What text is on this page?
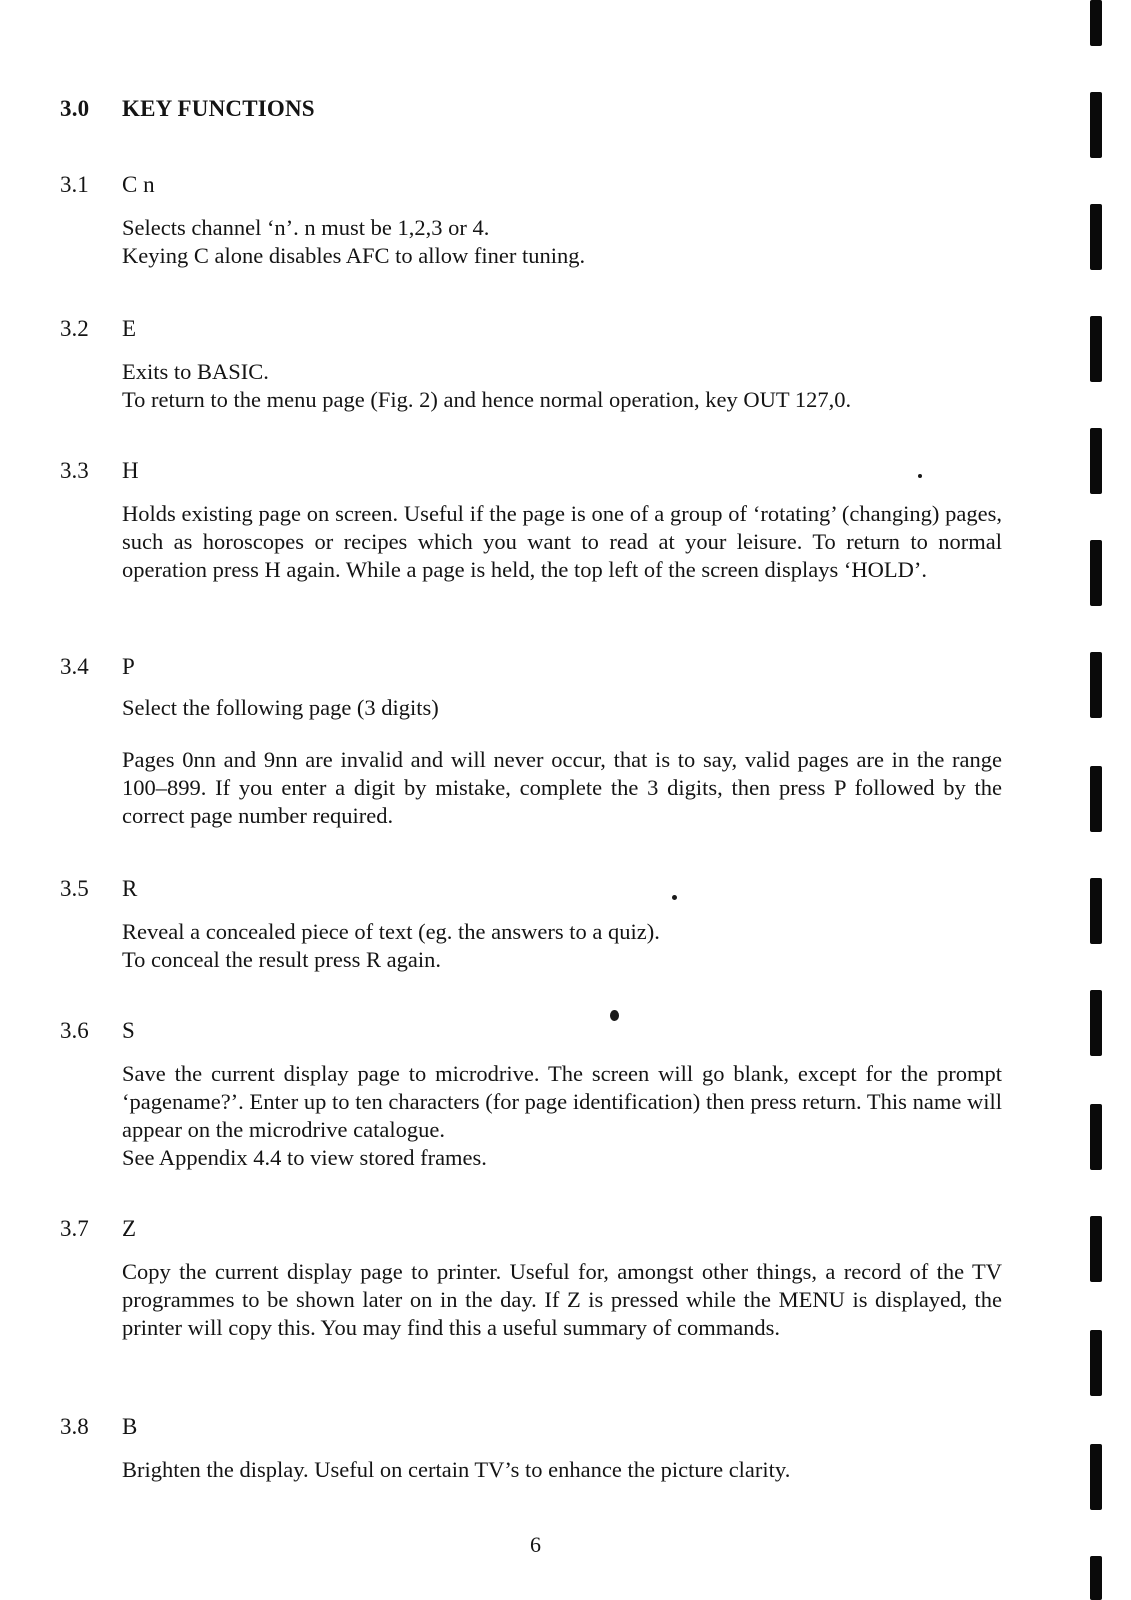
3.0 KEY FUNCTIONS
3.1 C n

Selects channel ‘n’. n must be 1,2,3 or 4.

Keying C alone disables AFC to allow finer tuning.

3.2 E

Exits to BASIC.

To return to the menu page (Fig. 2) and hence normal operation, key OUT 127,0.

3.3 H

Holds existing page on screen. Useful if the page is one of a group of ‘rotating’ (changing) pages, such as horoscopes or recipes which you want to read at your leisure. To return to normal operation press H again. While a page is held, the top left of the screen displays ‘HOLD’.

3.4 P

Select the following page (3 digits)

Pages 0nn and 9nn are invalid and will never occur, that is to say, valid pages are in the range 100–899. If you enter a digit by mistake, complete the 3 digits, then press P followed by the correct page number required.

3.5 R

Reveal a concealed piece of text (eg. the answers to a quiz).

To conceal the result press R again.

3.6 S

Save the current display page to microdrive. The screen will go blank, except for the prompt ‘pagename?’. Enter up to ten characters (for page identification) then press return. This name will appear on the microdrive catalogue.

See Appendix 4.4 to view stored frames.

3.7 Z

Copy the current display page to printer. Useful for, amongst other things, a record of the TV programmes to be shown later on in the day. If Z is pressed while the MENU is displayed, the printer will copy this. You may find this a useful summary of commands.

3.8 B

Brighten the display. Useful on certain TV’s to enhance the picture clarity.

6
